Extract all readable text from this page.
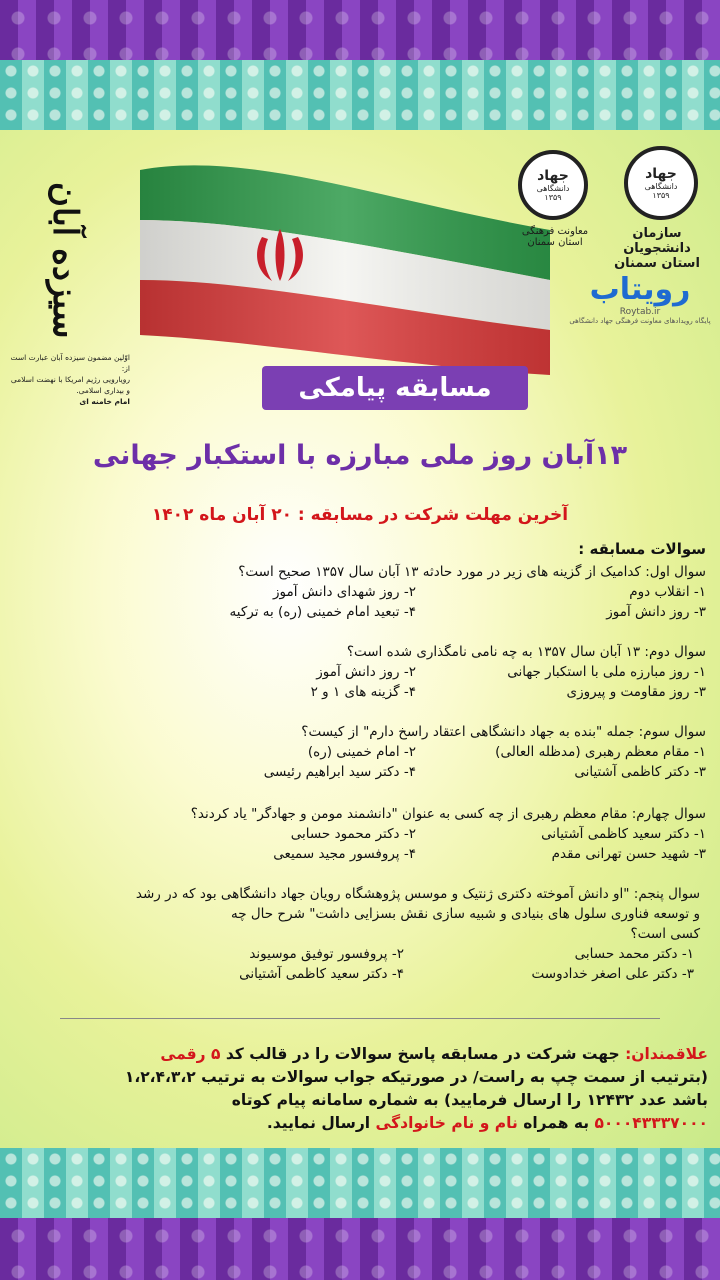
جهاد
دانشگاهی
۱۳۵۹
معاونت فرهنگی
استان سمنان
جهاد
دانشگاهی
۱۳۵۹
سازمان دانشجویان
استان سمنان
رویتاب
Roytab.ir
پایگاه رویدادهای معاونت فرهنگی جهاد دانشگاهی
سیزده آبان
اوّلین مضمون سیزده آبان عبارت است از:
رویارویی رژیم امریکا با نهضت اسلامی و بیداری اسلامی.
امام خامنه ای	مسابقه پیامکی
۱۳آبان روز ملی مبارزه با استکبار جهانی
آخرین مهلت شرکت در مسابقه : ۲۰ آبان ماه ۱۴۰۲
سوالات مسابقه :
سوال اول: کدامیک از گزینه های زیر در مورد حادثه ۱۳ آبان سال ۱۳۵۷ صحیح است؟
۱- انقلاب دوم
۲- روز شهدای دانش آموز
۳- روز دانش آموز
۴- تبعید امام خمینی (ره) به ترکیه
سوال دوم: ۱۳ آبان سال ۱۳۵۷ به چه نامی نامگذاری شده است؟
۱- روز مبارزه ملی با استکبار جهانی
۲- روز دانش آموز
۳- روز مقاومت و پیروزی
۴- گزینه های ۱ و ۲
سوال سوم: جمله "بنده به جهاد دانشگاهی اعتقاد راسخ دارم" از کیست؟
۱- مقام معظم رهبری (مدظله العالی)
۲- امام خمینی (ره)
۳- دکتر کاظمی آشتیانی
۴- دکتر سید ابراهیم رئیسی
سوال چهارم: مقام معظم رهبری از چه کسی به عنوان "دانشمند مومن و جهادگر" یاد کردند؟
۱- دکتر سعید کاظمی آشتیانی
۲- دکتر محمود حسابی
۳- شهید حسن تهرانی مقدم
۴- پروفسور مجید سمیعی
سوال پنجم: "او دانش آموخته دکتری ژنتیک و موسس پژوهشگاه رویان جهاد دانشگاهی بود که در رشد
و توسعه فناوری سلول های بنیادی و شبیه سازی نقش بسزایی داشت" شرح حال چه
کسی است؟
۱- دکتر محمد حسابی
۲- پروفسور توفیق موسیوند
۳- دکتر علی اصغر خدادوست
۴- دکتر سعید کاظمی آشتیانی
علاقمندان: جهت شرکت در مسابقه پاسخ سوالات را در قالب کد ۵ رقمی
(بترتیب از سمت چپ به راست/ در صورتیکه جواب سوالات به ترتیب ۱،۲،۴،۳،۲
باشد عدد ۱۲۴۳۲ را ارسال فرمایید) به شماره سامانه پیام کوتاه
۵۰۰۰۴۳۳۳۷۰۰۰ به همراه نام و نام خانوادگی ارسال نمایید.
